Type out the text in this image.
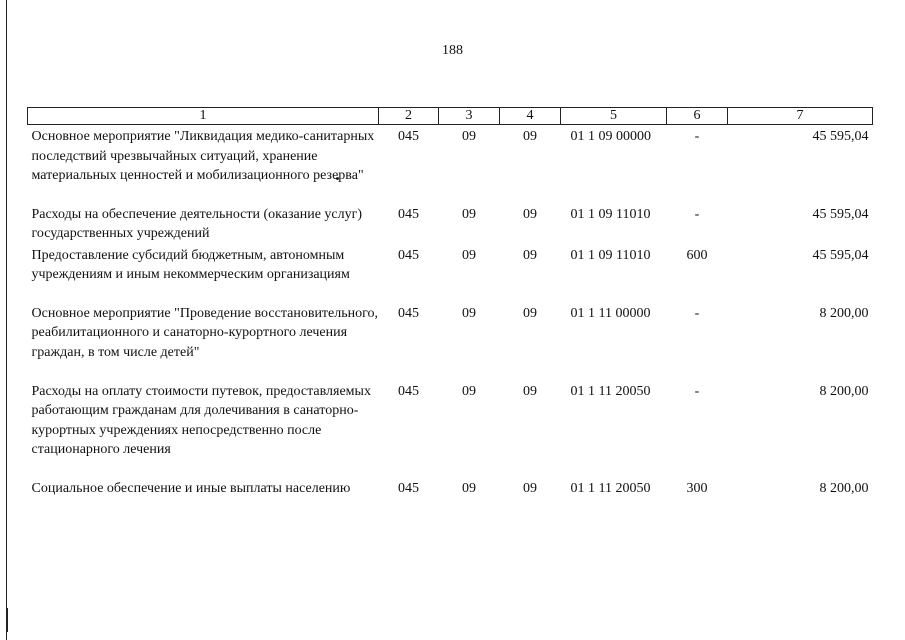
188
1	2	3	4	5	6	7
Основное мероприятие "Ликвидация медико-санитарных последствий чрезвычайных ситуаций, хранение материальных ценностей и мобилизационного резерва"	045	09	09	01 1 09 00000	-	45 595,04
Расходы на обеспечение деятельности (оказание услуг) государственных учреждений	045	09	09	01 1 09 11010	-	45 595,04
Предоставление субсидий бюджетным, автономным учреждениям и иным некоммерческим организациям	045	09	09	01 1 09 11010	600	45 595,04
Основное мероприятие "Проведение восстановительного, реабилитационного и санаторно-курортного лечения граждан, в том числе детей"	045	09	09	01 1 11 00000	-	8 200,00
Расходы на оплату стоимости путевок, предоставляемых работающим гражданам для долечивания в санаторно-курортных учреждениях непосредственно после стационарного лечения	045	09	09	01 1 11 20050	-	8 200,00
Социальное обеспечение и иные выплаты населению	045	09	09	01 1 11 20050	300	8 200,00
